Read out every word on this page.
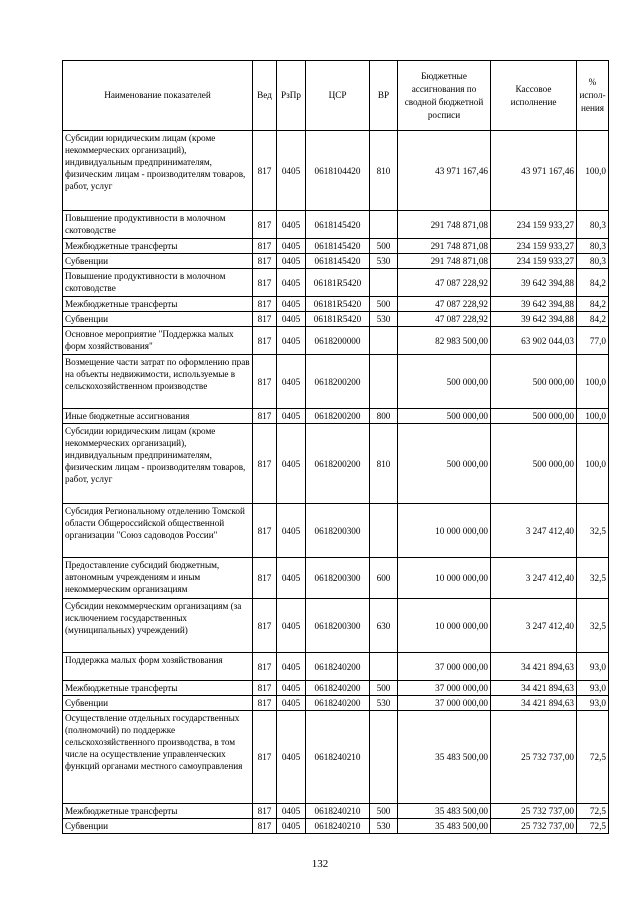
Наименование показателей	Вед	РзПр	ЦСР	ВР	Бюджетные ассигнования по сводной бюджетной росписи	Кассовое исполнение	% испол-нения
Субсидии юридическим лицам (кроме некоммерческих организаций), индивидуальным предпринимателям, физическим лицам - производителям товаров, работ, услуг	817	0405	0618104420	810	43 971 167,46	43 971 167,46	100,0
Повышение продуктивности в молочном скотоводстве	817	0405	0618145420		291 748 871,08	234 159 933,27	80,3
Межбюджетные трансферты	817	0405	0618145420	500	291 748 871,08	234 159 933,27	80,3
Субвенции	817	0405	0618145420	530	291 748 871,08	234 159 933,27	80,3
Повышение продуктивности в молочном скотоводстве	817	0405	06181R5420		47 087 228,92	39 642 394,88	84,2
Межбюджетные трансферты	817	0405	06181R5420	500	47 087 228,92	39 642 394,88	84,2
Субвенции	817	0405	06181R5420	530	47 087 228,92	39 642 394,88	84,2
Основное мероприятие "Поддержка малых форм хозяйствования"	817	0405	0618200000		82 983 500,00	63 902 044,03	77,0
Возмещение части затрат по оформлению прав на объекты недвижимости, используемые в сельскохозяйственном производстве	817	0405	0618200200		500 000,00	500 000,00	100,0
Иные бюджетные ассигнования	817	0405	0618200200	800	500 000,00	500 000,00	100,0
Субсидии юридическим лицам (кроме некоммерческих организаций), индивидуальным предпринимателям, физическим лицам - производителям товаров, работ, услуг	817	0405	0618200200	810	500 000,00	500 000,00	100,0
Субсидия Региональному отделению Томской области Общероссийской общественной организации "Союз садоводов России"	817	0405	0618200300		10 000 000,00	3 247 412,40	32,5
Предоставление субсидий бюджетным, автономным учреждениям и иным некоммерческим организациям	817	0405	0618200300	600	10 000 000,00	3 247 412,40	32,5
Субсидии некоммерческим организациям (за исключением государственных (муниципальных) учреждений)	817	0405	0618200300	630	10 000 000,00	3 247 412,40	32,5
Поддержка малых форм хозяйствования	817	0405	0618240200		37 000 000,00	34 421 894,63	93,0
Межбюджетные трансферты	817	0405	0618240200	500	37 000 000,00	34 421 894,63	93,0
Субвенции	817	0405	0618240200	530	37 000 000,00	34 421 894,63	93,0
Осуществление отдельных государственных (полномочий) по поддержке сельскохозяйственного производства, в том числе на осуществление управленческих функций органами местного самоуправления	817	0405	0618240210		35 483 500,00	25 732 737,00	72,5
Межбюджетные трансферты	817	0405	0618240210	500	35 483 500,00	25 732 737,00	72,5
Субвенции	817	0405	0618240210	530	35 483 500,00	25 732 737,00	72,5
132
